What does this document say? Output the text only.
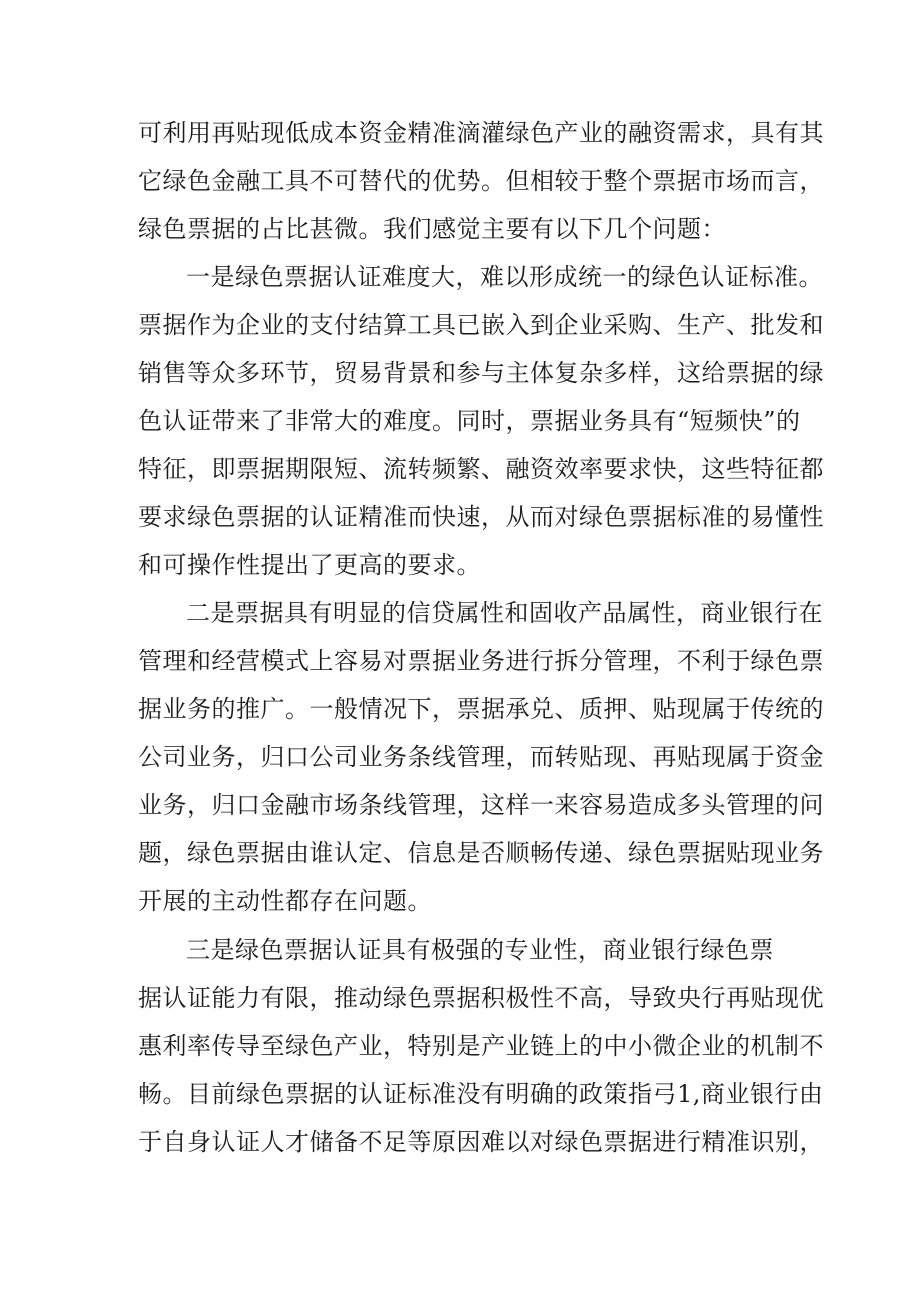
可利用再贴现低成本资金精准滴灌绿色产业的融资需求，具有其
它绿色金融工具不可替代的优势。但相较于整个票据市场而言，
绿色票据的占比甚微。我们感觉主要有以下几个问题：
一是绿色票据认证难度大，难以形成统一的绿色认证标准。
票据作为企业的支付结算工具已嵌入到企业采购、生产、批发和
销售等众多环节，贸易背景和参与主体复杂多样，这给票据的绿
色认证带来了非常大的难度。同时，票据业务具有“短频快”的
特征，即票据期限短、流转频繁、融资效率要求快，这些特征都
要求绿色票据的认证精准而快速，从而对绿色票据标准的易懂性
和可操作性提出了更高的要求。
二是票据具有明显的信贷属性和固收产品属性，商业银行在
管理和经营模式上容易对票据业务进行拆分管理，不利于绿色票
据业务的推广。一般情况下，票据承兑、质押、贴现属于传统的
公司业务，归口公司业务条线管理，而转贴现、再贴现属于资金
业务，归口金融市场条线管理，这样一来容易造成多头管理的问
题，绿色票据由谁认定、信息是否顺畅传递、绿色票据贴现业务
开展的主动性都存在问题。
三是绿色票据认证具有极强的专业性，商业银行绿色票
据认证能力有限，推动绿色票据积极性不高，导致央行再贴现优
惠利率传导至绿色产业，特别是产业链上的中小微企业的机制不
畅。目前绿色票据的认证标准没有明确的政策指弓1,商业银行由
于自身认证人才储备不足等原因难以对绿色票据进行精准识别，
